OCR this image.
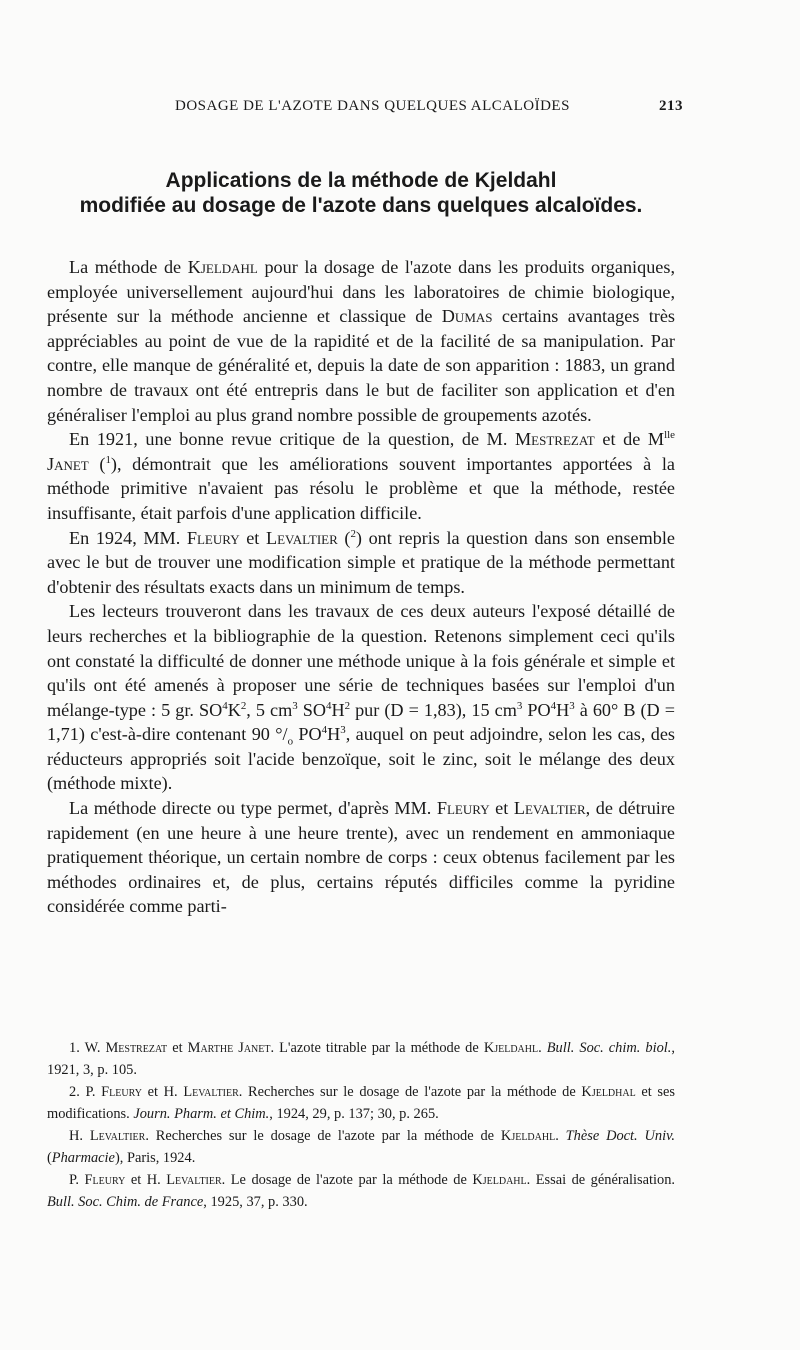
DOSAGE DE L'AZOTE DANS QUELQUES ALCALOÏDES	213
Applications de la méthode de Kjeldahl
modifiée au dosage de l'azote dans quelques alcaloïdes.

La méthode de Kjeldahl pour la dosage de l'azote dans les produits organiques, employée universellement aujourd'hui dans les laboratoires de chimie biologique, présente sur la méthode ancienne et classique de Dumas certains avantages très appréciables au point de vue de la rapidité et de la facilité de sa manipulation. Par contre, elle manque de généralité et, depuis la date de son apparition : 1883, un grand nombre de travaux ont été entrepris dans le but de faciliter son application et d'en généraliser l'emploi au plus grand nombre possible de groupements azotés.

En 1921, une bonne revue critique de la question, de M. Mestrezat et de $M^{lle}$ Janet ($^1$), démontrait que les améliorations souvent importantes apportées à la méthode primitive n'avaient pas résolu le problème et que la méthode, restée insuffisante, était parfois d'une application difficile.

En 1924, MM. Fleury et Levaltier ($^2$) ont repris la question dans son ensemble avec le but de trouver une modification simple et pratique de la méthode permettant d'obtenir des résultats exacts dans un minimum de temps.

Les lecteurs trouveront dans les travaux de ces deux auteurs l'exposé détaillé de leurs recherches et la bibliographie de la question. Retenons simplement ceci qu'ils ont constaté la difficulté de donner une méthode unique à la fois générale et simple et qu'ils ont été amenés à proposer une série de techniques basées sur l'emploi d'un mélange-type : 5 gr. $SO^4K^2$, 5 $cm^3$ $SO^4H^2$ pur (D = 1,83), 15 $cm^3$ $PO^4H^3$ à 60° B (D = 1,71) c'est-à-dire contenant 90 $^\circ/_o$ $PO^4H^3$, auquel on peut adjoindre, selon les cas, des réducteurs appropriés soit l'acide benzoïque, soit le zinc, soit le mélange des deux (méthode mixte).

La méthode directe ou type permet, d'après MM. Fleury et Levaltier, de détruire rapidement (en une heure à une heure trente), avec un rendement en ammoniaque pratiquement théorique, un certain nombre de corps : ceux obtenus facilement par les méthodes ordinaires et, de plus, certains réputés difficiles comme la pyridine considérée comme parti-

1. W. Mestrezat et Marthe Janet. L'azote titrable par la méthode de Kjeldahl. Bull. Soc. chim. biol., 1921, 3, p. 105.

2. P. Fleury et H. Levaltier. Recherches sur le dosage de l'azote par la méthode de Kjeldhal et ses modifications. Journ. Pharm. et Chim., 1924, 29, p. 137; 30, p. 265.

H. Levaltier. Recherches sur le dosage de l'azote par la méthode de Kjeldahl. Thèse Doct. Univ. (Pharmacie), Paris, 1924.

P. Fleury et H. Levaltier. Le dosage de l'azote par la méthode de Kjeldahl. Essai de généralisation. Bull. Soc. Chim. de France, 1925, 37, p. 330.
